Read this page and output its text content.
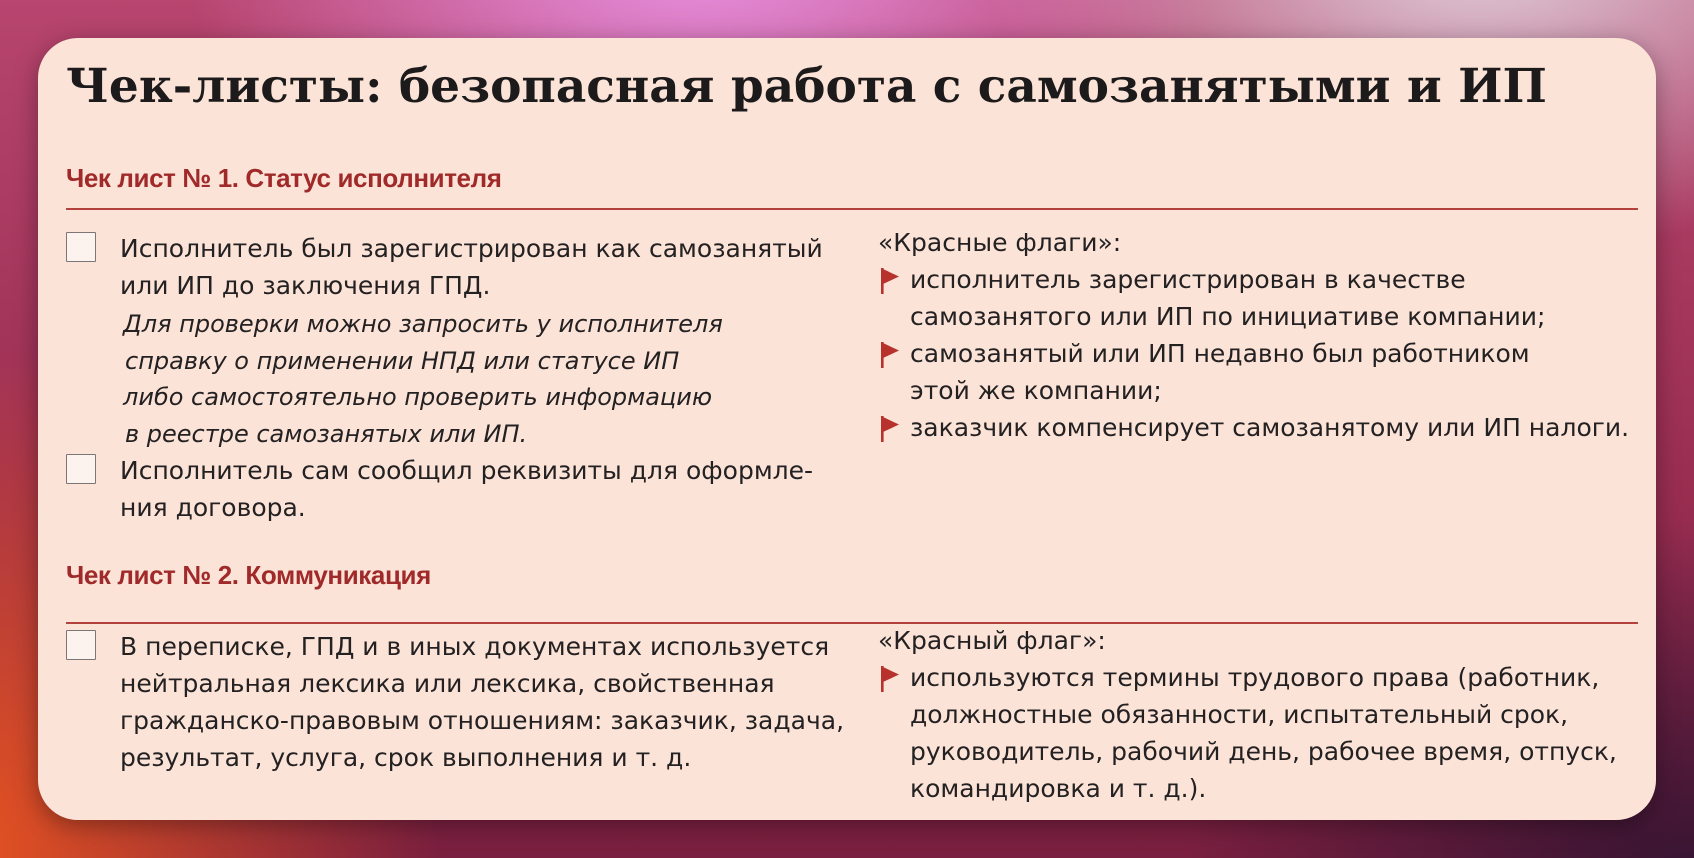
Чек-листы: безопасная работа с самозанятыми и ИП
Чек лист № 1. Статус исполнителя

Исполнитель был зарегистрирован как самозанятый
или ИП до заключения ГПД.

Для проверки можно запросить у исполнителя
справку о применении НПД или статусе ИП
либо самостоятельно проверить информацию
в реестре самозанятых или ИП.

Исполнитель сам сообщил реквизиты для оформле-
ния договора.

«Красные флаги»:

исполнитель зарегистрирован в качестве
самозанятого или ИП по инициативе компании;

самозанятый или ИП недавно был работником
этой же компании;

заказчик компенсирует самозанятому или ИП налоги.

Чек лист № 2. Коммуникация

В переписке, ГПД и в иных документах используется
нейтральная лексика или лексика, свойственная
гражданско-правовым отношениям: заказчик, задача,
результат, услуга, срок выполнения и т. д.

«Красный флаг»:

используются термины трудового права (работник,
должностные обязанности, испытательный срок,
руководитель, рабочий день, рабочее время, отпуск,
командировка и т. д.).
